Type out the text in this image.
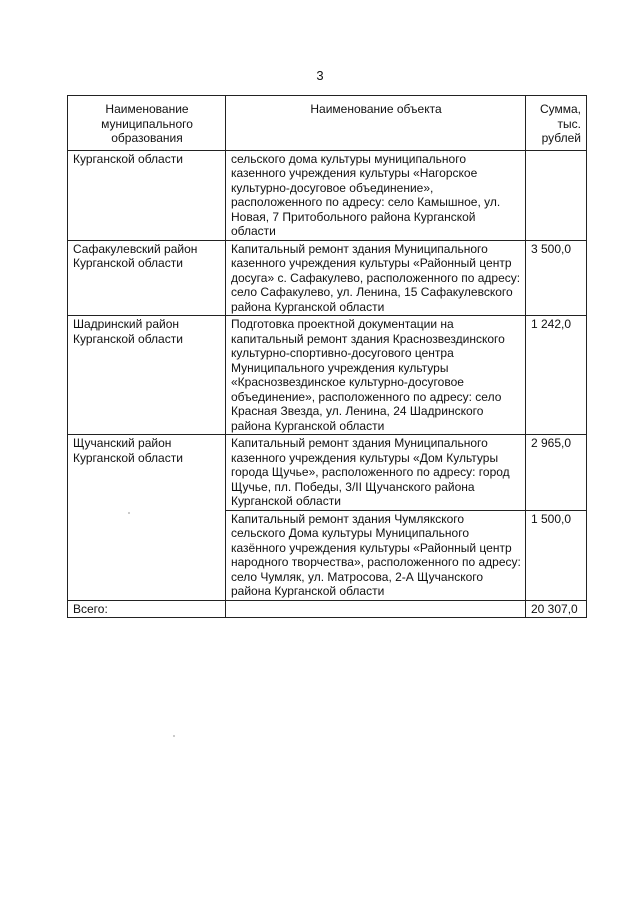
3
Наименование муниципального образования	Наименование объекта	Сумма, тыс. рублей
Курганской области	сельского дома культуры муниципального казенного учреждения культуры «Нагорское культурно-досуговое объединение», расположенного по адресу: село Камышное, ул. Новая, 7 Притобольного района Курганской области	
Сафакулевский район Курганской области	Капитальный ремонт здания Муниципального казенного учреждения культуры «Районный центр досуга» с. Сафакулево, расположенного по адресу: село Сафакулево, ул. Ленина, 15 Сафакулевского района Курганской области	3 500,0
Шадринский район Курганской области	Подготовка проектной документации на капитальный ремонт здания Краснозвездинского культурно-спортивно-досугового центра Муниципального учреждения культуры «Краснозвездинское культурно-досуговое объединение», расположенного по адресу: село Красная Звезда, ул. Ленина, 24 Шадринского района Курганской области	1 242,0
Щучанский район Курганской области	Капитальный ремонт здания Муниципального казенного учреждения культуры «Дом Культуры города Щучье», расположенного по адресу: город Щучье, пл. Победы, 3/II Щучанского района Курганской области	2 965,0
	Капитальный ремонт здания Чумлякского сельского Дома культуры Муниципального казённого учреждения культуры «Районный центр народного творчества», расположенного по адресу: село Чумляк, ул. Матросова, 2-А Щучанского района Курганской области	1 500,0
Всего:		20 307,0
